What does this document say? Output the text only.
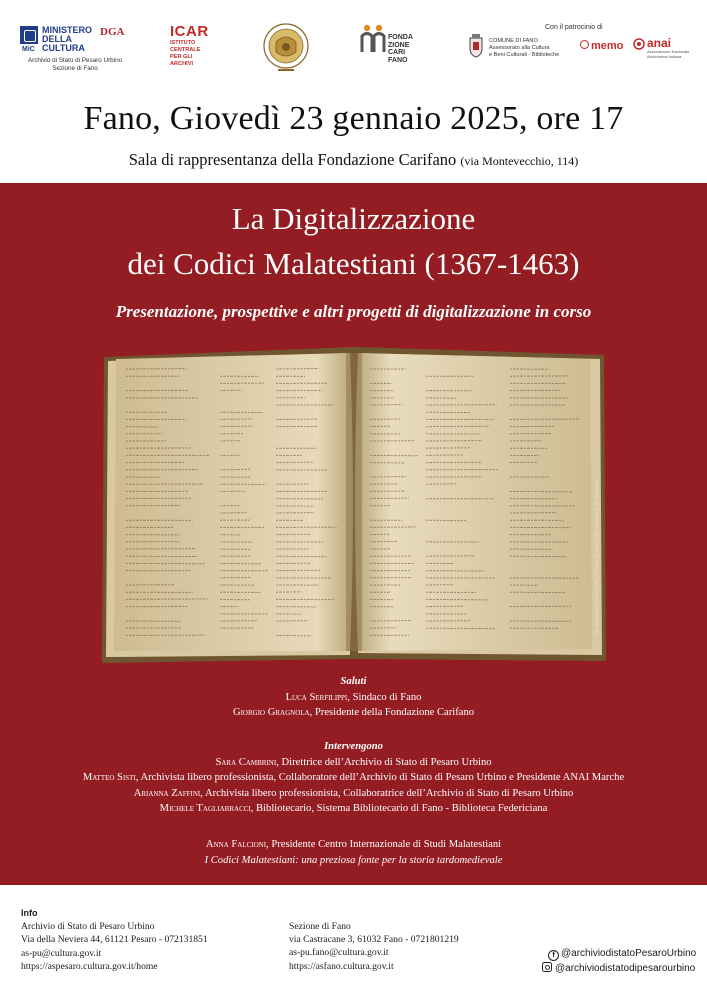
MINISTERO
DELLA
CULTURA
MiC
DGA
Archivio di Stato di Pesaro Urbino
Sezione di Fano
ICAR
ISTITUTO
CENTRALE
PER GLI
ARCHIVI
FONDA
ZIONE
CARI
FANO
Con il patrocinio di
COMUNE DI FANO
Assessorato alla Cultura
e Beni Culturali - Biblioteche
memo anai
Associazione Nazionale
Archivistica Italiana
Fano, Giovedì 23 gennaio 2025, ore 17
Sala di rappresentanza della Fondazione Carifano (via Montevecchio, 114)
La Digitalizzazione
dei Codici Malatestiani (1367-1463)
Presentazione, prospettive e altri progetti di digitalizzazione in corso
Sezione di Archivio di Stato di Fano, Codice malatestiano 43
Saluti
Luca Serfilippi, Sindaco di Fano
Giorgio Gragnola, Presidente della Fondazione Carifano
Intervengono
Sara Cambrini, Direttrice dell’Archivio di Stato di Pesaro Urbino
Matteo Sisti, Archivista libero professionista, Collaboratore dell’Archivio di Stato di Pesaro Urbino e Presidente ANAI Marche
Arianna Zaffini, Archivista libero professionista, Collaboratrice dell’Archivio di Stato di Pesaro Urbino
Michele Tagliabracci, Bibliotecario, Sistema Bibliotecario di Fano - Biblioteca Federiciana
Anna Falcioni, Presidente Centro Internazionale di Studi Malatestiani
I Codici Malatestiani: una preziosa fonte per la storia tardomedievale
Info
Archivio di Stato di Pesaro Urbino
Via della Neviera 44, 61121 Pesaro - 072131851
as-pu@cultura.gov.it
https://aspesaro.cultura.gov.it/home
Sezione di Fano
via Castracane 3, 61032 Fano - 0721801219
as-pu.fano@cultura.gov.it
https://asfano.cultura.gov.it
f @archiviodistatoPesaroUrbino
@archiviodistatodipesarourbino
